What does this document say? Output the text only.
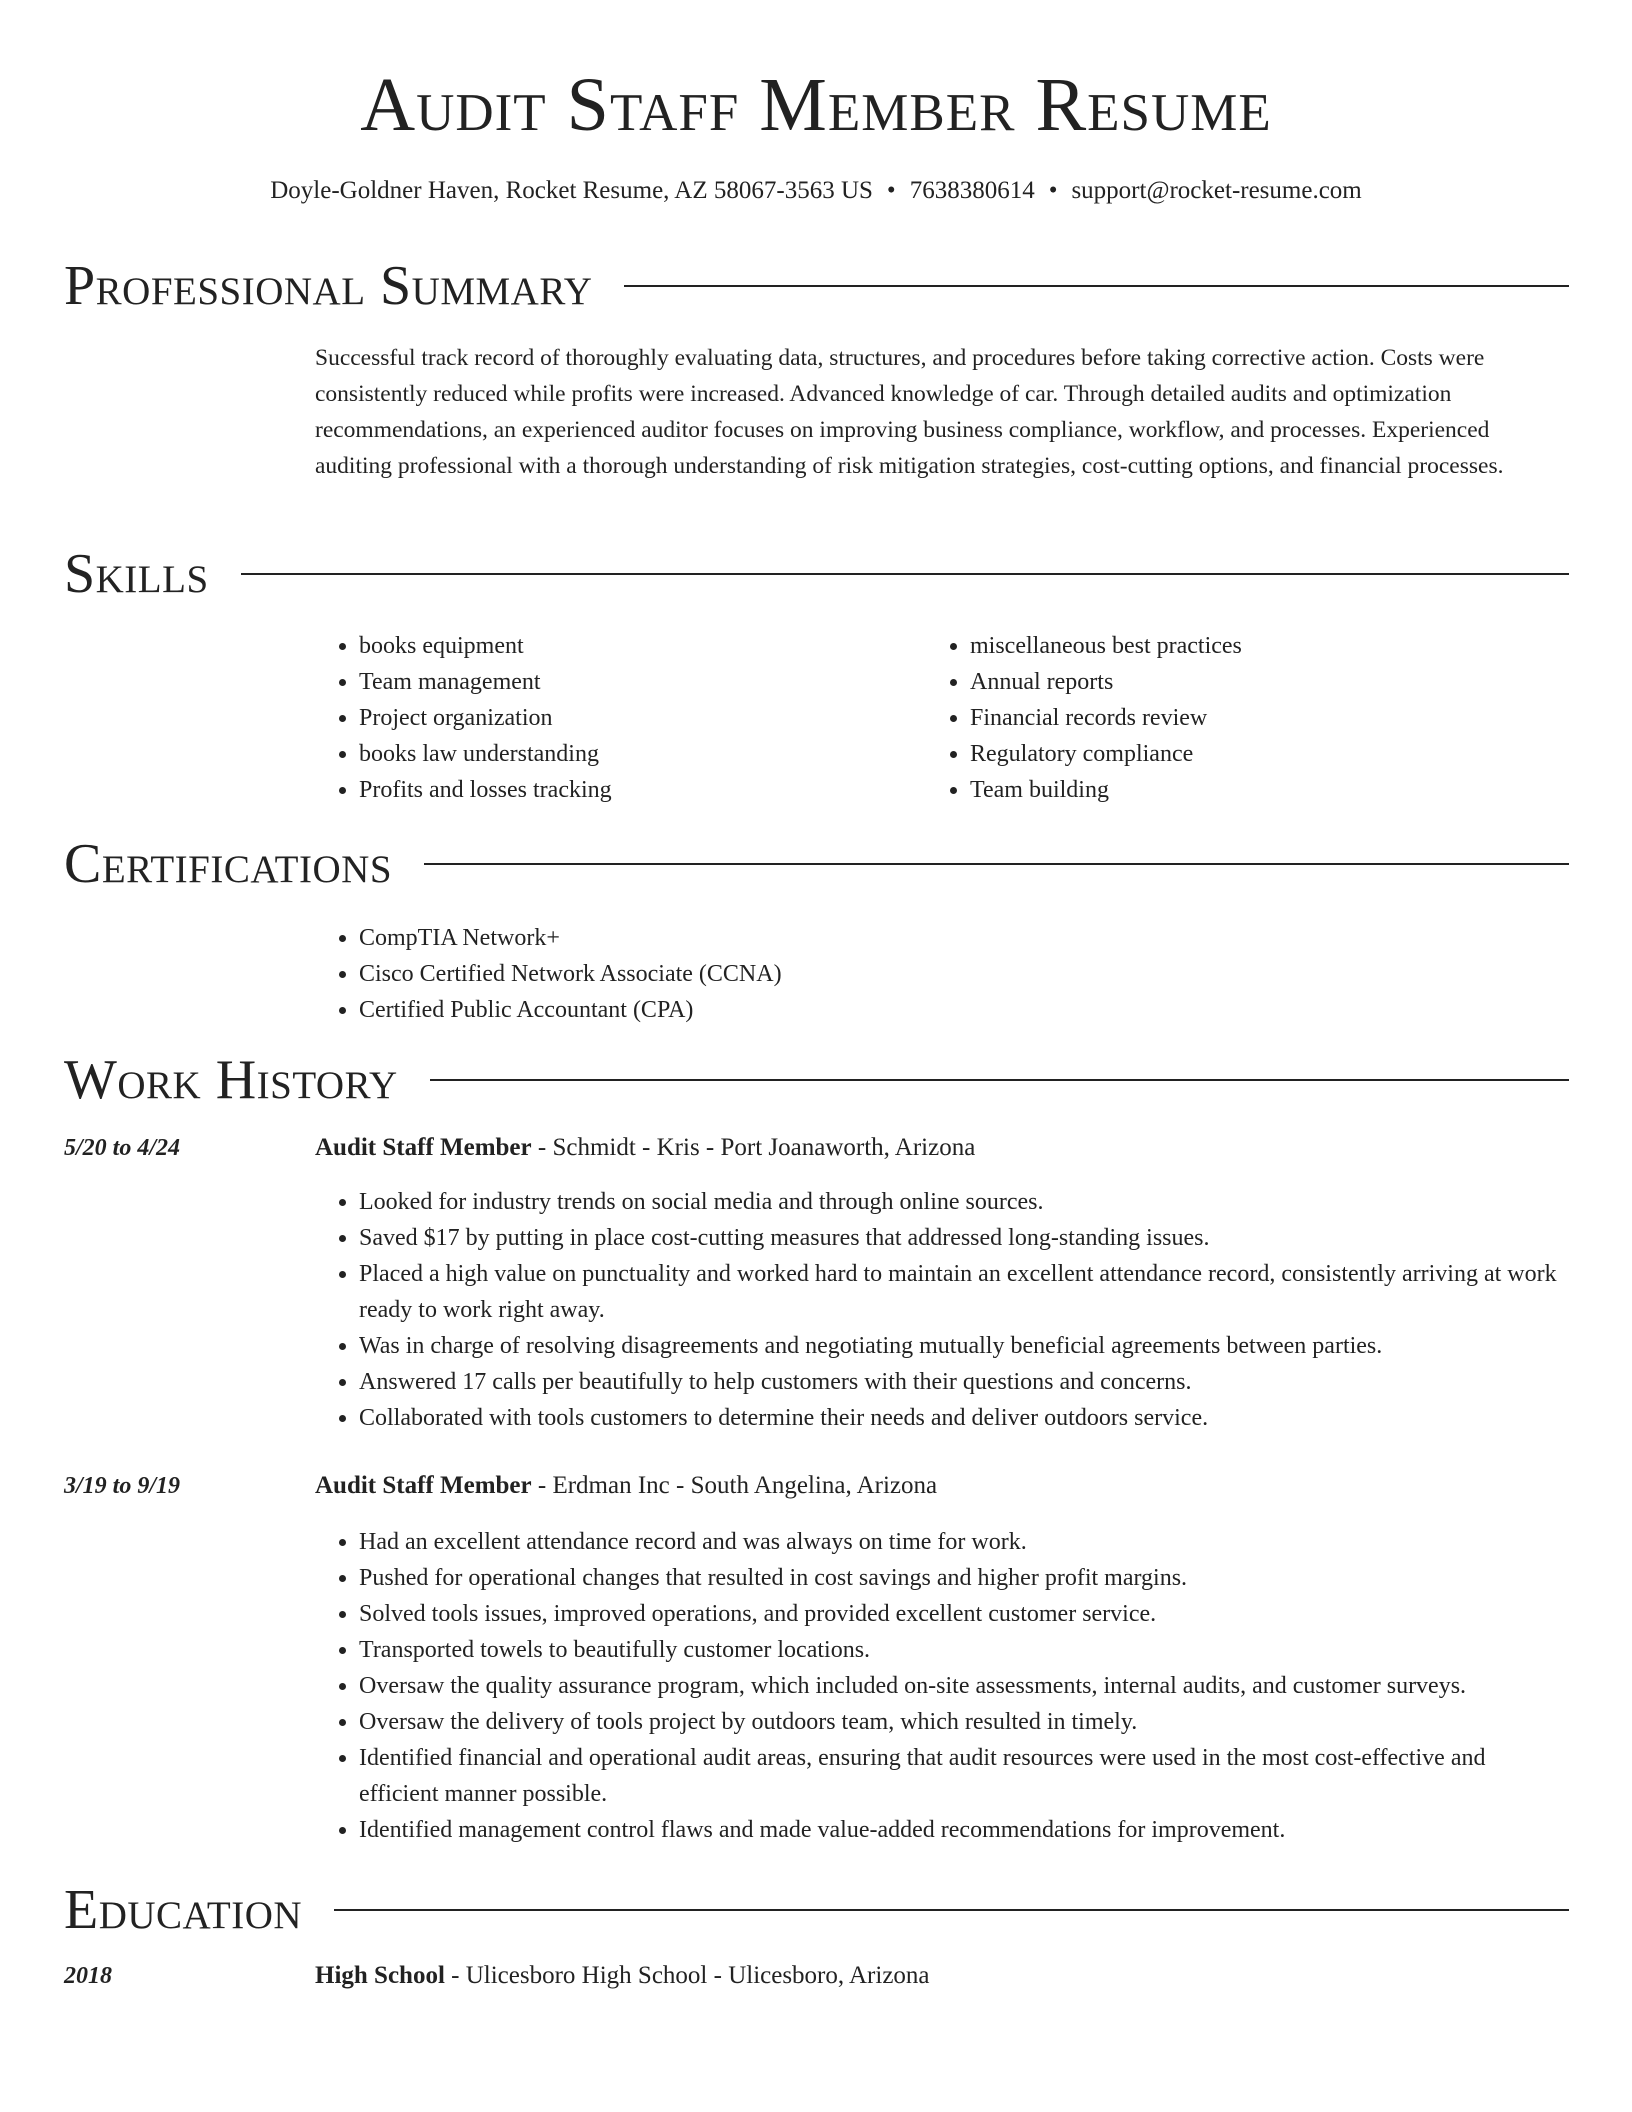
Audit Staff Member Resume
Doyle-Goldner Haven, Rocket Resume, AZ 58067-3563 US • 7638380614 • support@rocket-resume.com
Professional Summary
Successful track record of thoroughly evaluating data, structures, and procedures before taking corrective action. Costs were consistently reduced while profits were increased. Advanced knowledge of car. Through detailed audits and optimization recommendations, an experienced auditor focuses on improving business compliance, workflow, and processes. Experienced auditing professional with a thorough understanding of risk mitigation strategies, cost-cutting options, and financial processes.
Skills
• books equipment
• Team management
• Project organization
• books law understanding
• Profits and losses tracking
• miscellaneous best practices
• Annual reports
• Financial records review
• Regulatory compliance
• Team building
Certifications
• CompTIA Network+
• Cisco Certified Network Associate (CCNA)
• Certified Public Accountant (CPA)
Work History
5/20 to 4/24	Audit Staff Member - Schmidt - Kris - Port Joanaworth, Arizona
• Looked for industry trends on social media and through online sources.
• Saved $17 by putting in place cost-cutting measures that addressed long-standing issues.
• Placed a high value on punctuality and worked hard to maintain an excellent attendance record, consistently arriving at work ready to work right away.
• Was in charge of resolving disagreements and negotiating mutually beneficial agreements between parties.
• Answered 17 calls per beautifully to help customers with their questions and concerns.
• Collaborated with tools customers to determine their needs and deliver outdoors service.
3/19 to 9/19	Audit Staff Member - Erdman Inc - South Angelina, Arizona
• Had an excellent attendance record and was always on time for work.
• Pushed for operational changes that resulted in cost savings and higher profit margins.
• Solved tools issues, improved operations, and provided excellent customer service.
• Transported towels to beautifully customer locations.
• Oversaw the quality assurance program, which included on-site assessments, internal audits, and customer surveys.
• Oversaw the delivery of tools project by outdoors team, which resulted in timely.
• Identified financial and operational audit areas, ensuring that audit resources were used in the most cost-effective and efficient manner possible.
• Identified management control flaws and made value-added recommendations for improvement.
Education
2018	High School - Ulicesboro High School - Ulicesboro, Arizona
